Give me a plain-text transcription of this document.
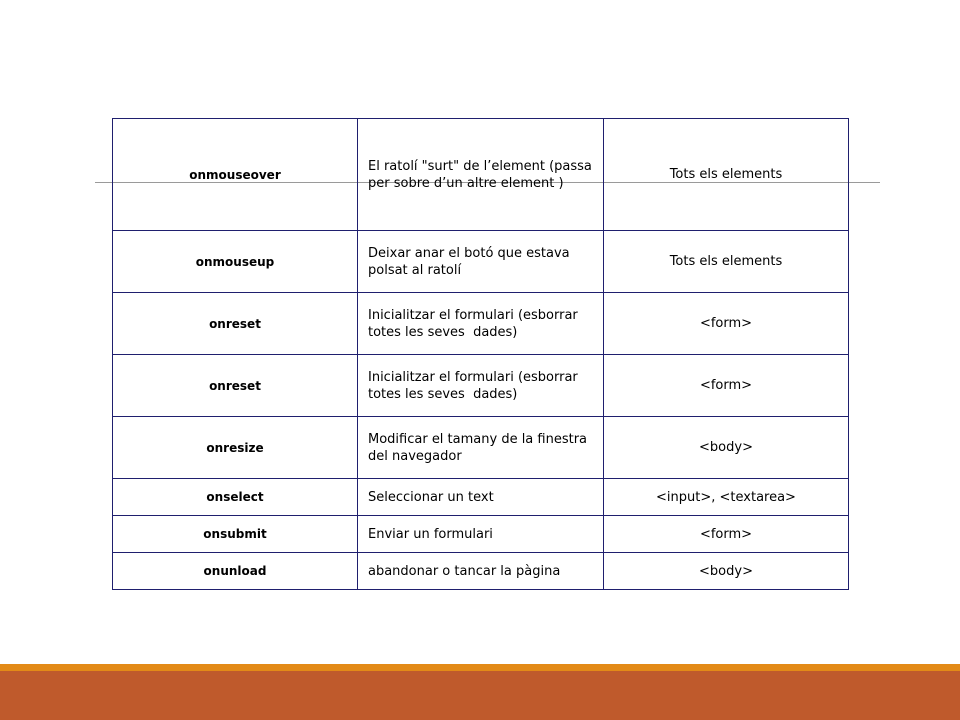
onmouseover	El ratolí "surt" de l’element (passa per sobre d’un altre element )	Tots els elements
onmouseup	Deixar anar el botó que estava polsat al ratolí	Tots els elements
onreset	Inicialitzar el formulari (esborrar totes les seves  dades)	<form>
onreset	Inicialitzar el formulari (esborrar totes les seves  dades)	<form>
onresize	Modificar el tamany de la finestra del navegador	<body>
onselect	Seleccionar un text	<input>, <textarea>
onsubmit	Enviar un formulari	<form>
onunload	abandonar o tancar la pàgina	<body>
